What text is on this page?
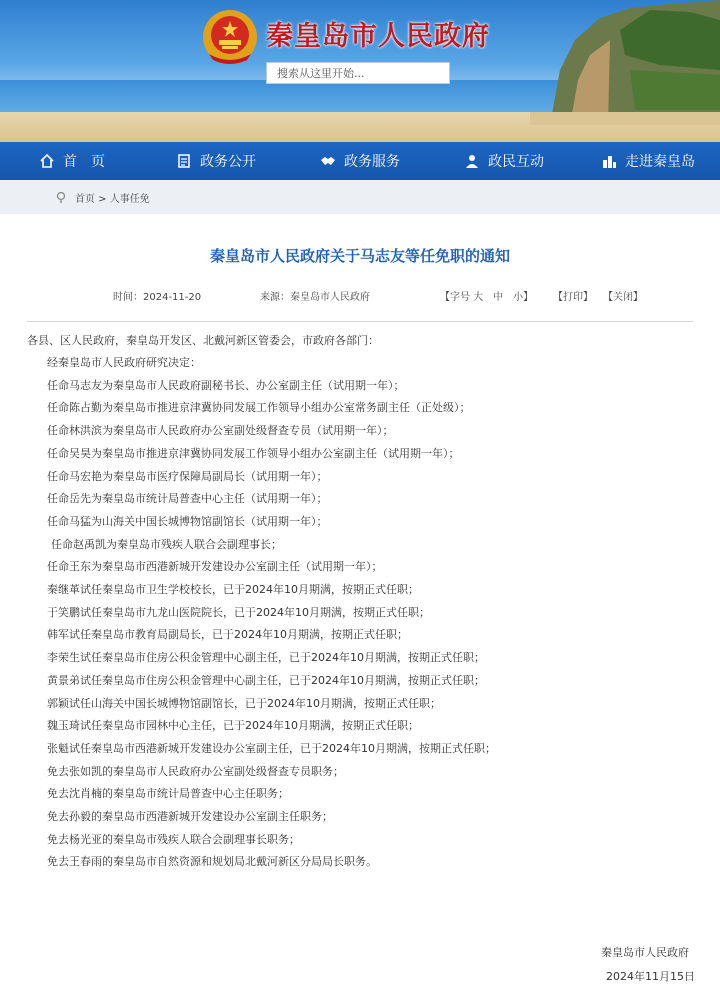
秦皇岛市人民政府
搜索从这里开始...
首　页	政务公开	政务服务	政民互动	走进秦皇岛
首页 > 人事任免
秦皇岛市人民政府关于马志友等任免职的通知
时间：2024-11-20	来源：秦皇岛市人民政府	【字号 大　中　小】 【打印】 【关闭】
各县、区人民政府，秦皇岛开发区、北戴河新区管委会，市政府各部门：
经秦皇岛市人民政府研究决定：
任命马志友为秦皇岛市人民政府副秘书长、办公室副主任（试用期一年）；
任命陈占勤为秦皇岛市推进京津冀协同发展工作领导小组办公室常务副主任（正处级）；
任命林洪滨为秦皇岛市人民政府办公室副处级督查专员（试用期一年）；
任命吴昊为秦皇岛市推进京津冀协同发展工作领导小组办公室副主任（试用期一年）；
任命马宏艳为秦皇岛市医疗保障局副局长（试用期一年）；
任命岳先为秦皇岛市统计局普查中心主任（试用期一年）；
任命马猛为山海关中国长城博物馆副馆长（试用期一年）；
任命赵禹凯为秦皇岛市残疾人联合会副理事长；
任命王东为秦皇岛市西港新城开发建设办公室副主任（试用期一年）；
秦继革试任秦皇岛市卫生学校校长，已于2024年10月期满，按期正式任职；
于笑鹏试任秦皇岛市九龙山医院院长，已于2024年10月期满，按期正式任职；
韩军试任秦皇岛市教育局副局长，已于2024年10月期满，按期正式任职；
李荣生试任秦皇岛市住房公积金管理中心副主任，已于2024年10月期满，按期正式任职；
黄景弟试任秦皇岛市住房公积金管理中心副主任，已于2024年10月期满，按期正式任职；
郭颖试任山海关中国长城博物馆副馆长，已于2024年10月期满，按期正式任职；
魏玉琦试任秦皇岛市园林中心主任，已于2024年10月期满，按期正式任职；
张魁试任秦皇岛市西港新城开发建设办公室副主任，已于2024年10月期满，按期正式任职；
免去张如凯的秦皇岛市人民政府办公室副处级督查专员职务；
免去沈肖楠的秦皇岛市统计局普查中心主任职务；
免去孙毅的秦皇岛市西港新城开发建设办公室副主任职务；
免去杨光亚的秦皇岛市残疾人联合会副理事长职务；
免去王春雨的秦皇岛市自然资源和规划局北戴河新区分局局长职务。
秦皇岛市人民政府
2024年11月15日
